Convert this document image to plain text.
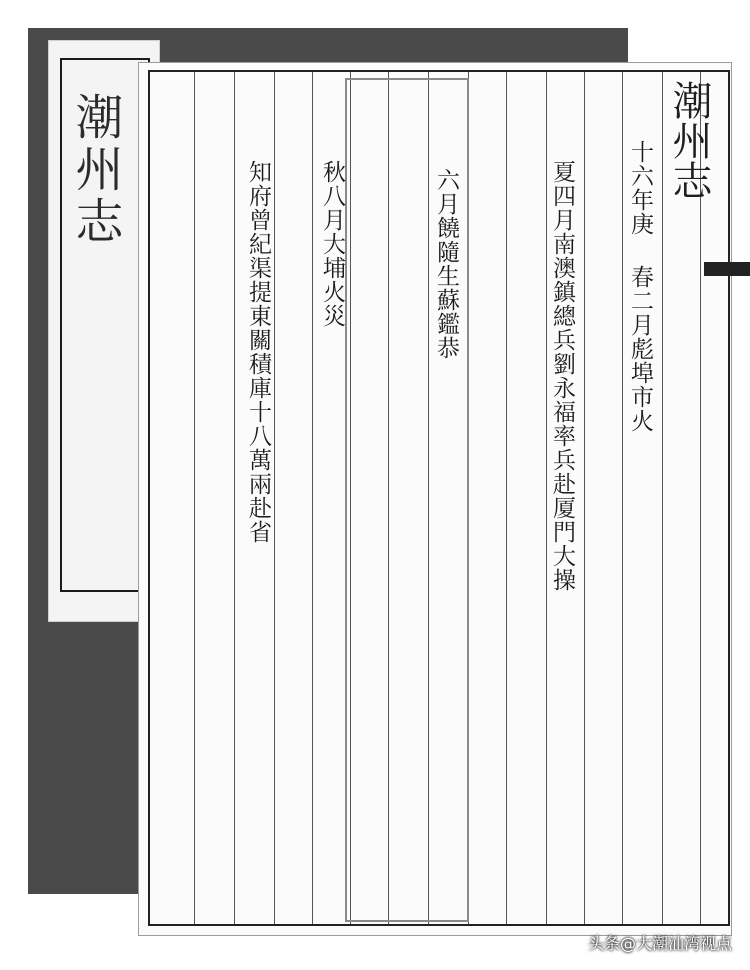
潮州志	十六年庚
春二月彪埠市火
夏四月南澳鎮總兵劉永福率兵赴厦門大操
六月饒隨生蘇鑑恭
秋八月大埔火災
知府曾紀渠提東關積庫十八萬兩赴省
头条@大潮汕湾视点
